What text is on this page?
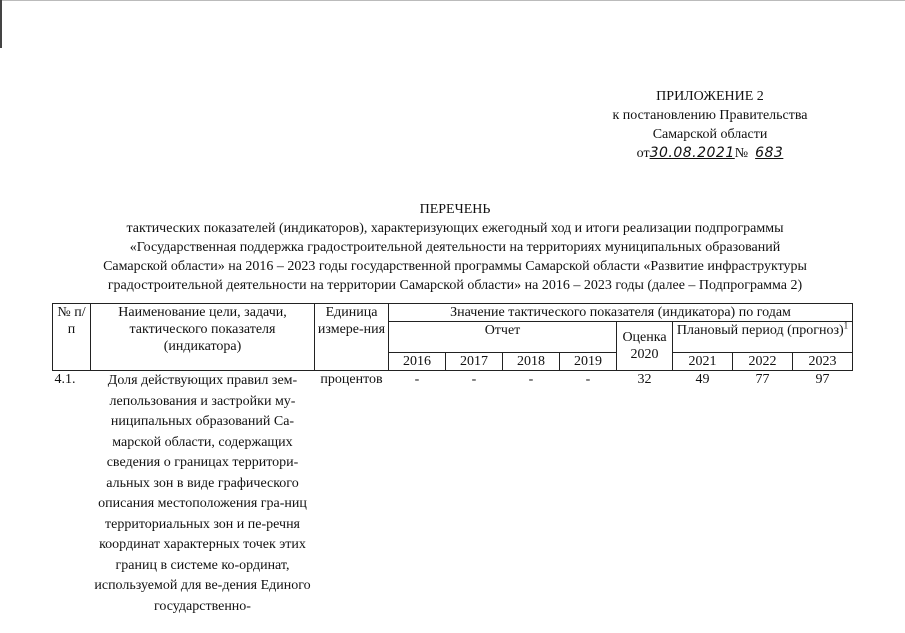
ПРИЛОЖЕНИЕ 2
к постановлению Правительства
Самарской области
от30.08.2021№ 683
ПЕРЕЧЕНЬ
тактических показателей (индикаторов), характеризующих ежегодный ход и итоги реализации подпрограммы
«Государственная поддержка градостроительной деятельности на территориях муниципальных образований
Самарской области» на 2016 – 2023 годы государственной программы Самарской области «Развитие инфраструктуры
градостроительной деятельности на территории Самарской области» на 2016 – 2023 годы (далее – Подпрограмма 2)
№ п/п	Наименование цели, задачи, тактического показателя (индикатора)	Единица измере-ния	Значение тактического показателя (индикатора) по годам							
			Отчет				Оценка 2020	Плановый период (прогноз)$^1$
			2016	2017	2018	2019		2021	2022	2023
4.1.	Доля действующих правил зем-лепользования и застройки му-ниципальных образований Са-марской области, содержащих сведения о границах территори-альных зон в виде графического описания местоположения гра-ниц территориальных зон и пе-речня координат характерных точек этих границ в системе ко-ординат, используемой для ве-дения Единого государственно-	процентов	-	-	-	-	32	49	77	97
